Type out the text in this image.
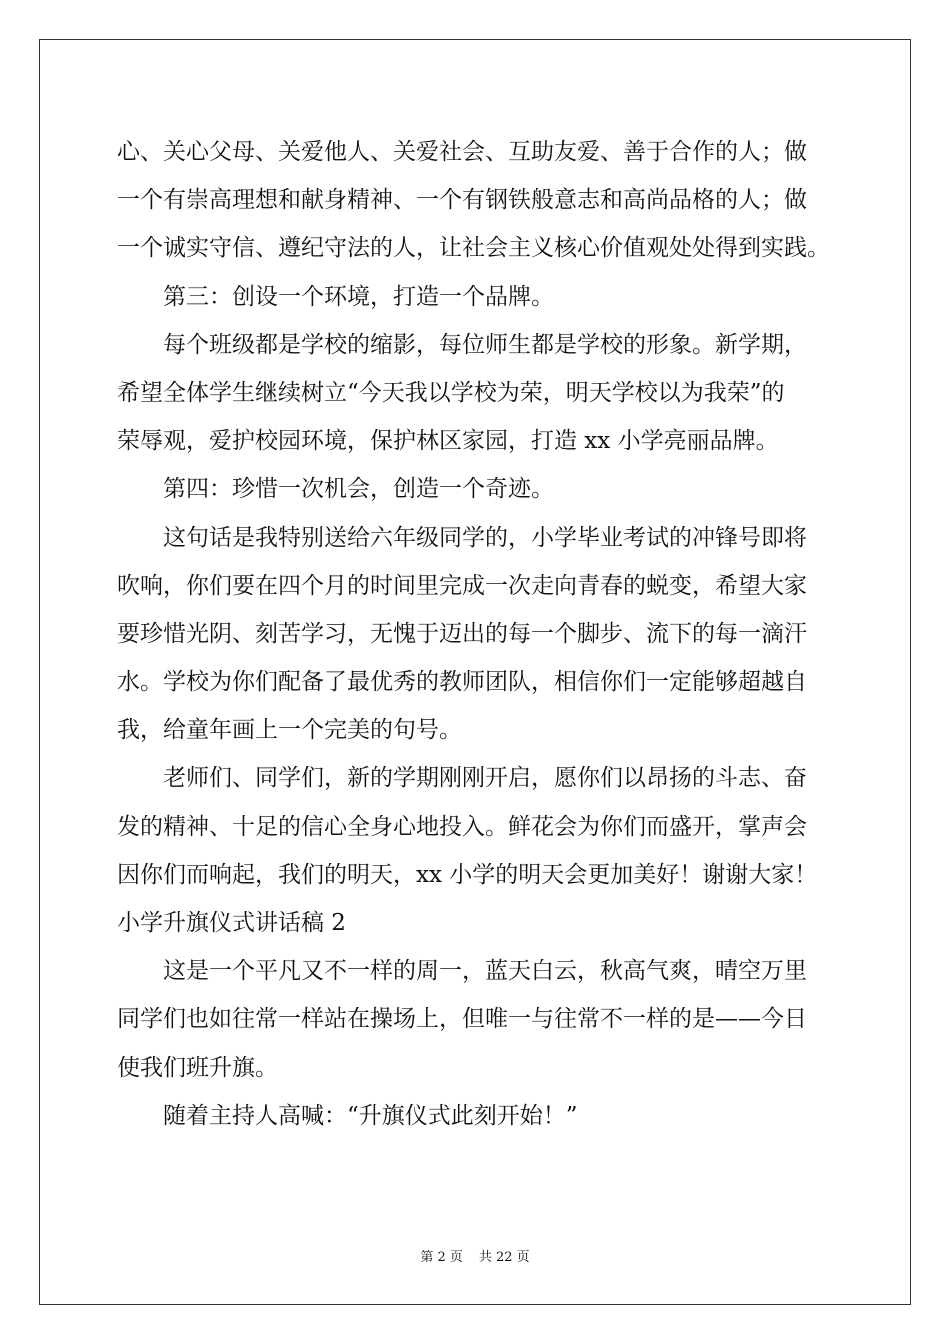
心、关心父母、关爱他人、关爱社会、互助友爱、善于合作的人；做
一个有崇高理想和献身精神、一个有钢铁般意志和高尚品格的人；做
一个诚实守信、遵纪守法的人，让社会主义核心价值观处处得到实践。
第三：创设一个环境，打造一个品牌。
每个班级都是学校的缩影，每位师生都是学校的形象。新学期，
希望全体学生继续树立“今天我以学校为荣，明天学校以为我荣”的
荣辱观，爱护校园环境，保护林区家园，打造 xx 小学亮丽品牌。
第四：珍惜一次机会，创造一个奇迹。
这句话是我特别送给六年级同学的，小学毕业考试的冲锋号即将
吹响，你们要在四个月的时间里完成一次走向青春的蜕变，希望大家
要珍惜光阴、刻苦学习，无愧于迈出的每一个脚步、流下的每一滴汗
水。学校为你们配备了最优秀的教师团队，相信你们一定能够超越自
我，给童年画上一个完美的句号。
老师们、同学们，新的学期刚刚开启，愿你们以昂扬的斗志、奋
发的精神、十足的信心全身心地投入。鲜花会为你们而盛开，掌声会
因你们而响起，我们的明天，xx 小学的明天会更加美好！谢谢大家！
小学升旗仪式讲话稿 2
这是一个平凡又不一样的周一，蓝天白云，秋高气爽，晴空万里
同学们也如往常一样站在操场上，但唯一与往常不一样的是——今日
使我们班升旗。
随着主持人高喊：“升旗仪式此刻开始！”
第 2 页 共 22 页
